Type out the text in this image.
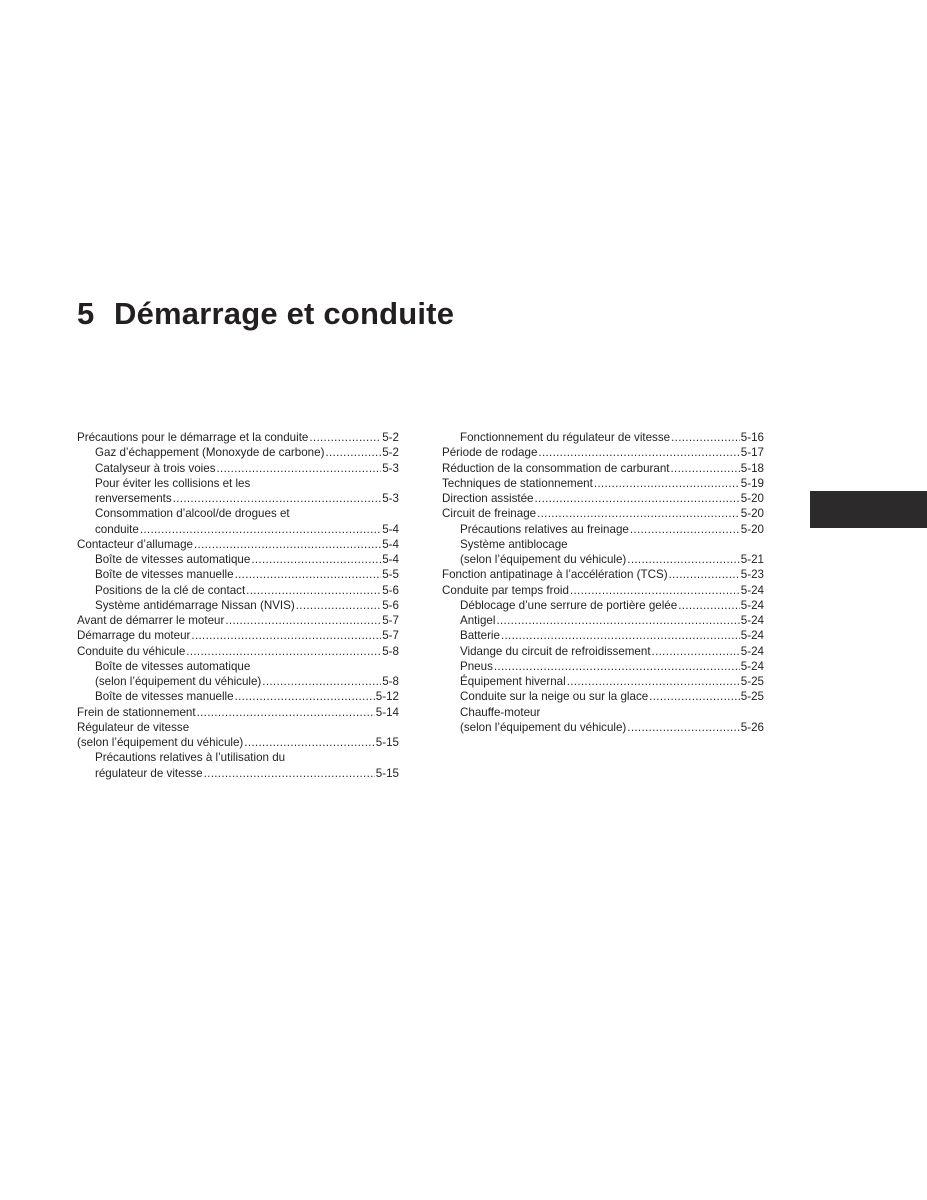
5 Démarrage et conduite
Précautions pour le démarrage et la conduite . . .	5-2
Gaz d’échappement (Monoxyde de carbone) . . .	5-2
Catalyseur à trois voies . . .	5-3
Pour éviter les collisions et les
renversements . . .	5-3
Consommation d’alcool/de drogues et
conduite . . .	5-4
Contacteur d’allumage . . .	5-4
Boîte de vitesses automatique . . .	5-4
Boîte de vitesses manuelle . . .	5-5
Positions de la clé de contact . . .	5-6
Système antidémarrage Nissan (NVIS) . . .	5-6
Avant de démarrer le moteur . . .	5-7
Démarrage du moteur . . .	5-7
Conduite du véhicule . . .	5-8
Boîte de vitesses automatique
(selon l’équipement du véhicule) . . .	5-8
Boîte de vitesses manuelle . . .	5-12
Frein de stationnement . . .	5-14
Régulateur de vitesse
(selon l’équipement du véhicule) . . .	5-15
Précautions relatives à l’utilisation du
régulateur de vitesse . . .	5-15
Fonctionnement du régulateur de vitesse . . .	5-16
Période de rodage . . .	5-17
Réduction de la consommation de carburant . . .	5-18
Techniques de stationnement . . .	5-19
Direction assistée . . .	5-20
Circuit de freinage . . .	5-20
Précautions relatives au freinage . . .	5-20
Système antiblocage
(selon l’équipement du véhicule) . . .	5-21
Fonction antipatinage à l’accélération (TCS) . . .	5-23
Conduite par temps froid . . .	5-24
Déblocage d’une serrure de portière gelée . . .	5-24
Antigel . . .	5-24
Batterie . . .	5-24
Vidange du circuit de refroidissement . . .	5-24
Pneus . . .	5-24
Équipement hivernal . . .	5-25
Conduite sur la neige ou sur la glace . . .	5-25
Chauffe-moteur
(selon l’équipement du véhicule) . . .	5-26
